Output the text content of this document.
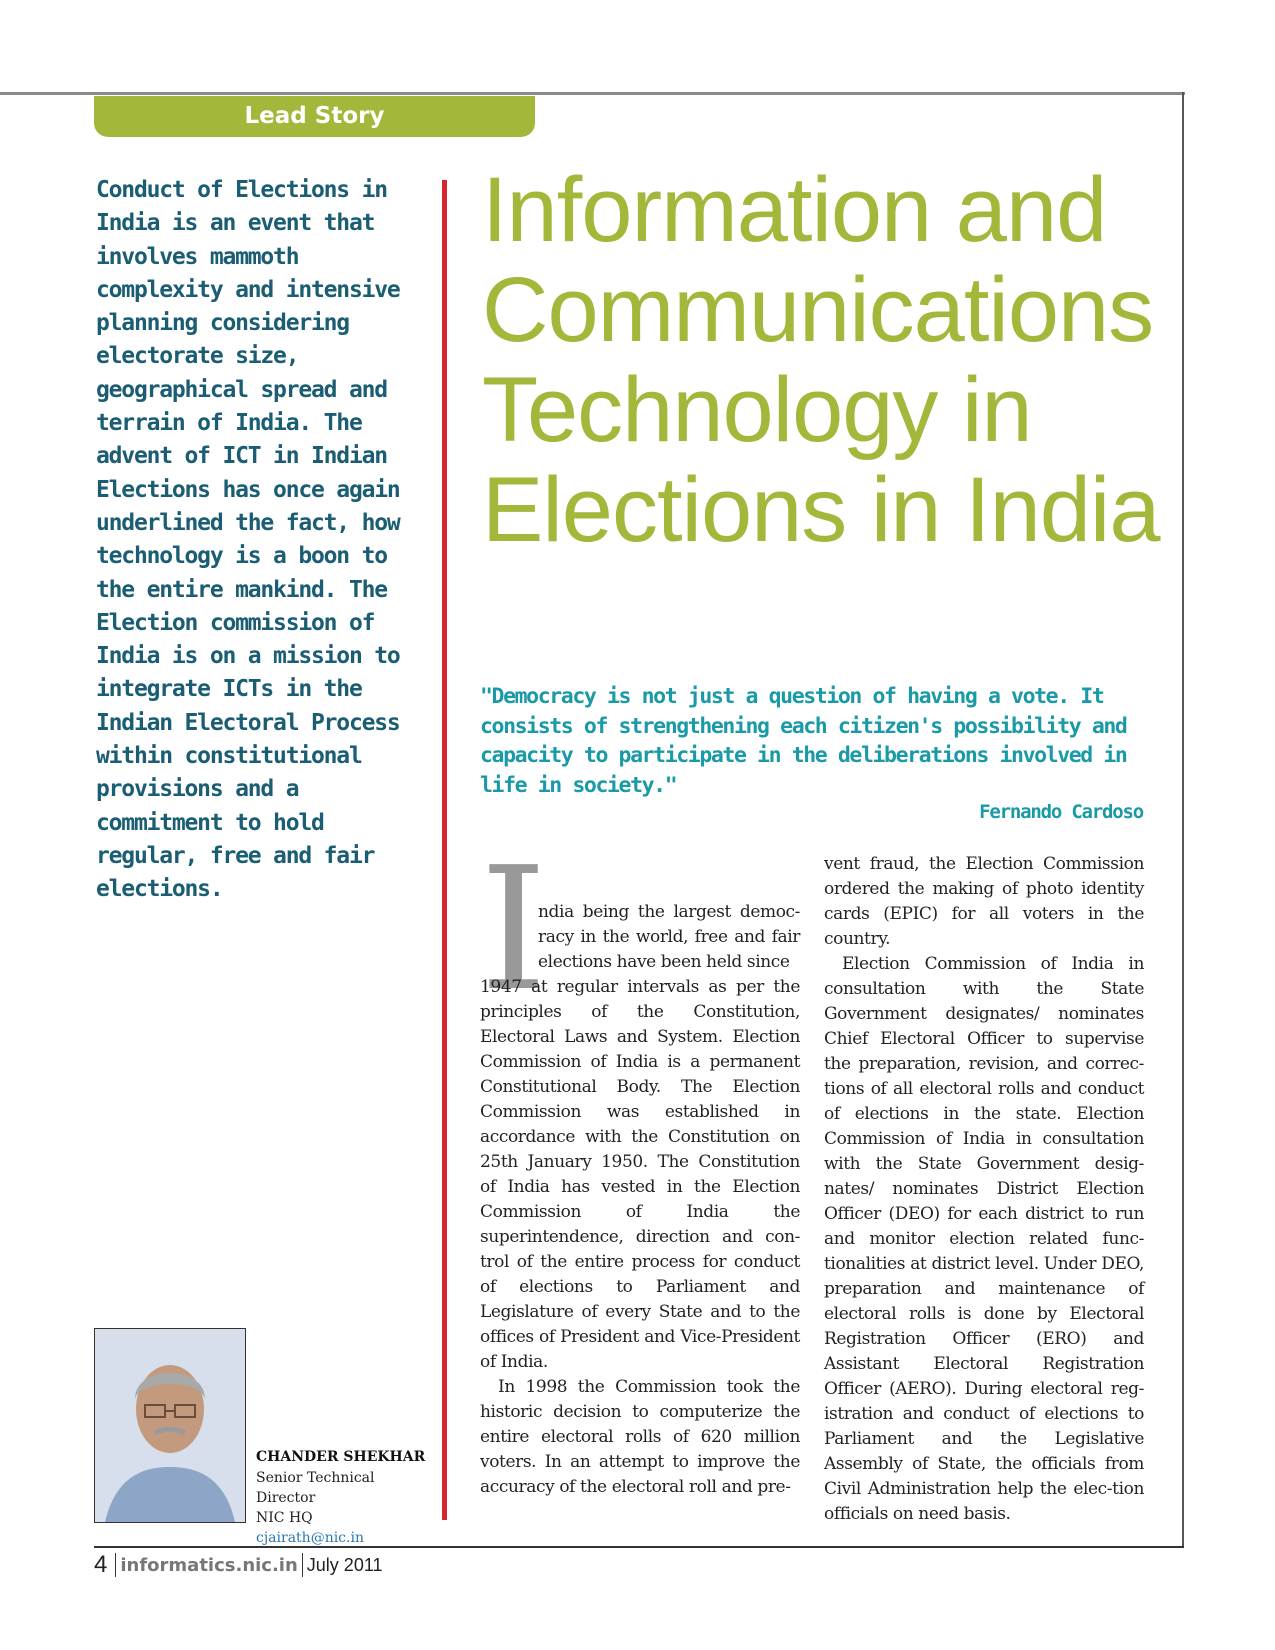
Lead Story

Conduct of Elections in India is an event that involves mammoth complexity and intensive planning considering electorate size, geographical spread and terrain of India. The advent of ICT in Indian Elections has once again underlined the fact, how technology is a boon to the entire mankind. The Election commission of India is on a mission to integrate ICTs in the Indian Electoral Process within constitutional provisions and a commitment to hold regular, free and fair elections.

Information and Communications Technology in Elections in India

"Democracy is not just a question of having a vote. It consists of strengthening each citizen's possibility and capacity to participate in the deliberations involved in life in society."

Fernando Cardoso
I
ndia being the largest democ-racy in the world, free and fair elections have been held since

1947 at regular intervals as per the principles of the Constitution, Electoral Laws and System. Election Commission of India is a permanent Constitutional Body. The Election Commission was established in accordance with the Constitution on 25th January 1950. The Constitution of India has vested in the Election Commission of India the superintendence, direction and con-trol of the entire process for conduct of elections to Parliament and Legislature of every State and to the offices of President and Vice-President of India.

In 1998 the Commission took the historic decision to computerize the entire electoral rolls of 620 million voters. In an attempt to improve the accuracy of the electoral roll and pre-

vent fraud, the Election Commission ordered the making of photo identity cards (EPIC) for all voters in the country.

Election Commission of India in consultation with the State Government designates/ nominates Chief Electoral Officer to supervise the preparation, revision, and correc-tions of all electoral rolls and conduct of elections in the state. Election Commission of India in consultation with the State Government desig-nates/ nominates District Election Officer (DEO) for each district to run and monitor election related func-tionalities at district level. Under DEO, preparation and maintenance of electoral rolls is done by Electoral Registration Officer (ERO) and Assistant Electoral Registration Officer (AERO). During electoral reg-istration and conduct of elections to Parliament and the Legislative Assembly of State, the officials from Civil Administration help the elec-tion officials on need basis.

CHANDER SHEKHAR
Senior Technical Director
NIC HQ
cjairath@nic.in
4 informatics.nic.in July 2011
